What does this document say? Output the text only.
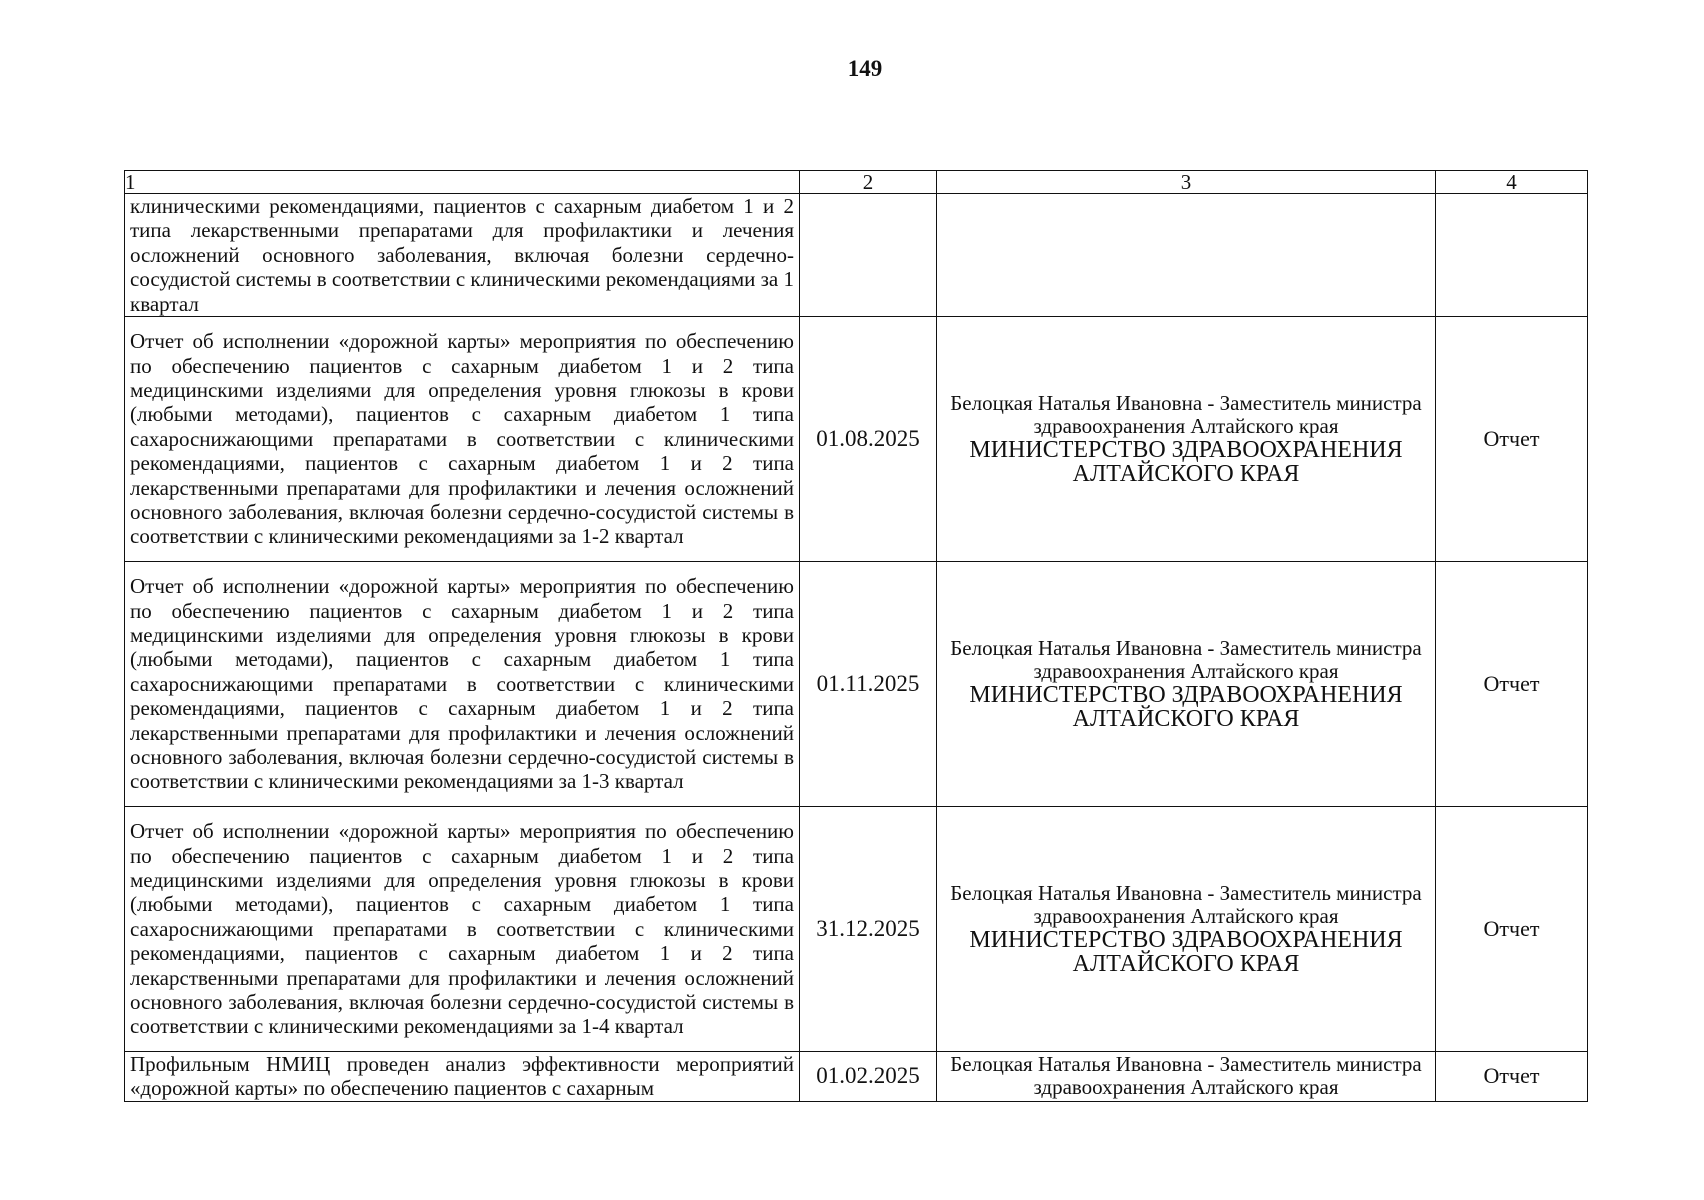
149
1	2	3	4

клиническими рекомендациями, пациентов с сахарным диабетом 1 и 2 типа лекарственными препаратами для профилактики и лечения осложнений основного заболевания, включая болезни сердечно-сосудистой системы в соответствии с клиническими рекомендациями за 1 квартал			

Отчет об исполнении «дорожной карты» мероприятия по обеспечению по обеспечению пациентов с сахарным диабетом 1 и 2 типа медицинскими изделиями для определения уровня глюкозы в крови (любыми методами), пациентов с сахарным диабетом 1 типа сахароснижающими препаратами в соответствии с клиническими рекомендациями, пациентов с сахарным диабетом 1 и 2 типа лекарственными препаратами для профилактики и лечения осложнений основного заболевания, включая болезни сердечно-сосудистой системы в соответствии с клиническими рекомендациями за 1-2 квартал	01.08.2025	Белоцкая Наталья Ивановна - Заместитель министра здравоохранения Алтайского края
МИНИСТЕРСТВО ЗДРАВООХРАНЕНИЯ АЛТАЙСКОГО КРАЯ	Отчет

Отчет об исполнении «дорожной карты» мероприятия по обеспечению по обеспечению пациентов с сахарным диабетом 1 и 2 типа медицинскими изделиями для определения уровня глюкозы в крови (любыми методами), пациентов с сахарным диабетом 1 типа сахароснижающими препаратами в соответствии с клиническими рекомендациями, пациентов с сахарным диабетом 1 и 2 типа лекарственными препаратами для профилактики и лечения осложнений основного заболевания, включая болезни сердечно-сосудистой системы в соответствии с клиническими рекомендациями за 1-3 квартал	01.11.2025	Белоцкая Наталья Ивановна - Заместитель министра здравоохранения Алтайского края
МИНИСТЕРСТВО ЗДРАВООХРАНЕНИЯ АЛТАЙСКОГО КРАЯ	Отчет

Отчет об исполнении «дорожной карты» мероприятия по обеспечению по обеспечению пациентов с сахарным диабетом 1 и 2 типа медицинскими изделиями для определения уровня глюкозы в крови (любыми методами), пациентов с сахарным диабетом 1 типа сахароснижающими препаратами в соответствии с клиническими рекомендациями, пациентов с сахарным диабетом 1 и 2 типа лекарственными препаратами для профилактики и лечения осложнений основного заболевания, включая болезни сердечно-сосудистой системы в соответствии с клиническими рекомендациями за 1-4 квартал	31.12.2025	Белоцкая Наталья Ивановна - Заместитель министра здравоохранения Алтайского края
МИНИСТЕРСТВО ЗДРАВООХРАНЕНИЯ АЛТАЙСКОГО КРАЯ	Отчет

Профильным НМИЦ проведен анализ эффективности мероприятий «дорожной карты» по обеспечению пациентов с сахарным	01.02.2025	Белоцкая Наталья Ивановна - Заместитель министра здравоохранения Алтайского края	Отчет
